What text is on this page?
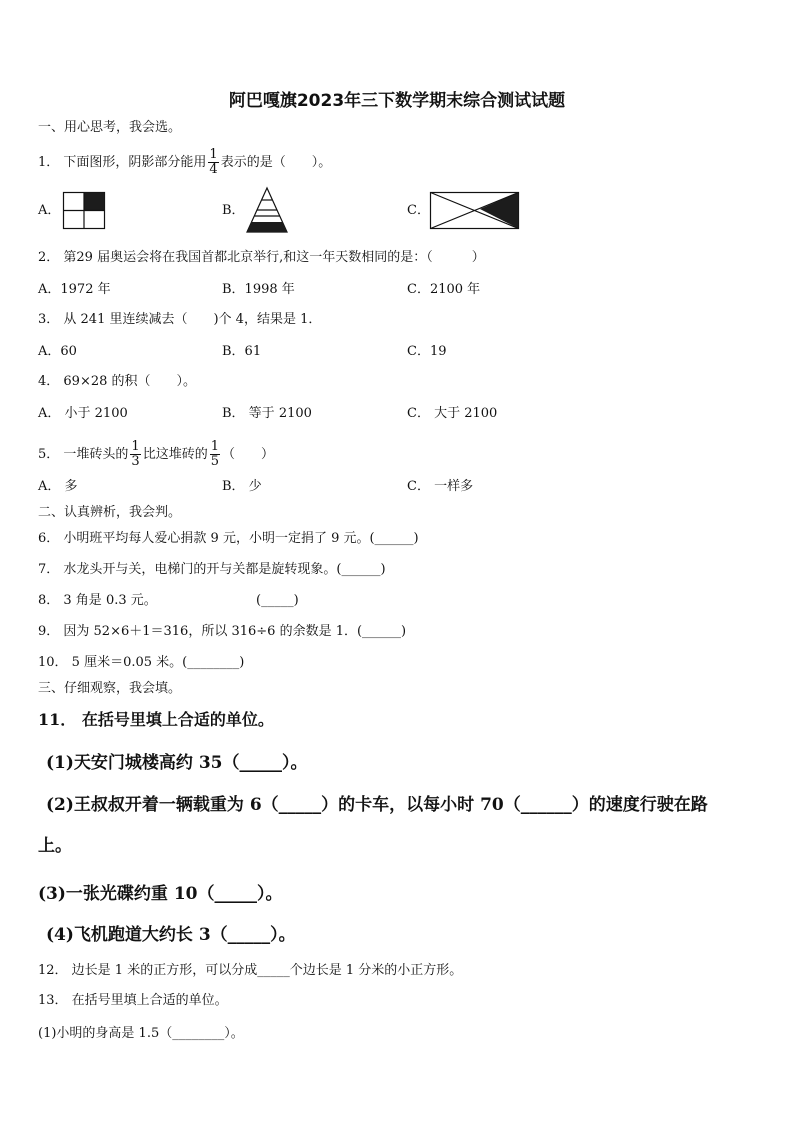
阿巴嘎旗2023年三下数学期末综合测试试题
一、用心思考，我会选。
1． 下面图形，阴影部分能用 $\frac{1}{4}$ 表示的是（　　）。
A．	B．	C．
2． 第29 届奥运会将在我国首都北京举行,和这一年天数相同的是：（　　　）
A．1972 年	B．1998 年	C．2100 年
3． 从 241 里连续减去（　　)个 4，结果是 1．
A．60	B．61	C．19
4． 69×28 的积（　　）。
A． 小于 2100	B． 等于 2100	C． 大于 2100
5． 一堆砖头的 $\frac{1}{3}$ 比这堆砖的 $\frac{1}{5}$ （　　）
A． 多	B． 少	C． 一样多
二、认真辨析，我会判。
6． 小明班平均每人爱心捐款 9 元，小明一定捐了 9 元。(______)
7． 水龙头开与关，电梯门的开与关都是旋转现象。(______)
8． 3 角是 0.3 元。	(_____)
9． 因为 52×6＋1＝316，所以 316÷6 的余数是 1．(______)
10． 5 厘米＝0.05 米。(________)
三、仔细观察，我会填。
11． 在括号里填上合适的单位。
(1)天安门城楼高约 35（_____）。
(2)王叔叔开着一辆载重为 6（_____）的卡车，以每小时 70（______）的速度行驶在路
上。
(3)一张光碟约重 10（_____）。
(4)飞机跑道大约长 3（_____）。
12． 边长是 1 米的正方形，可以分成_____个边长是 1 分米的小正方形。
13． 在括号里填上合适的单位。
(1)小明的身高是 1.5（________）。
